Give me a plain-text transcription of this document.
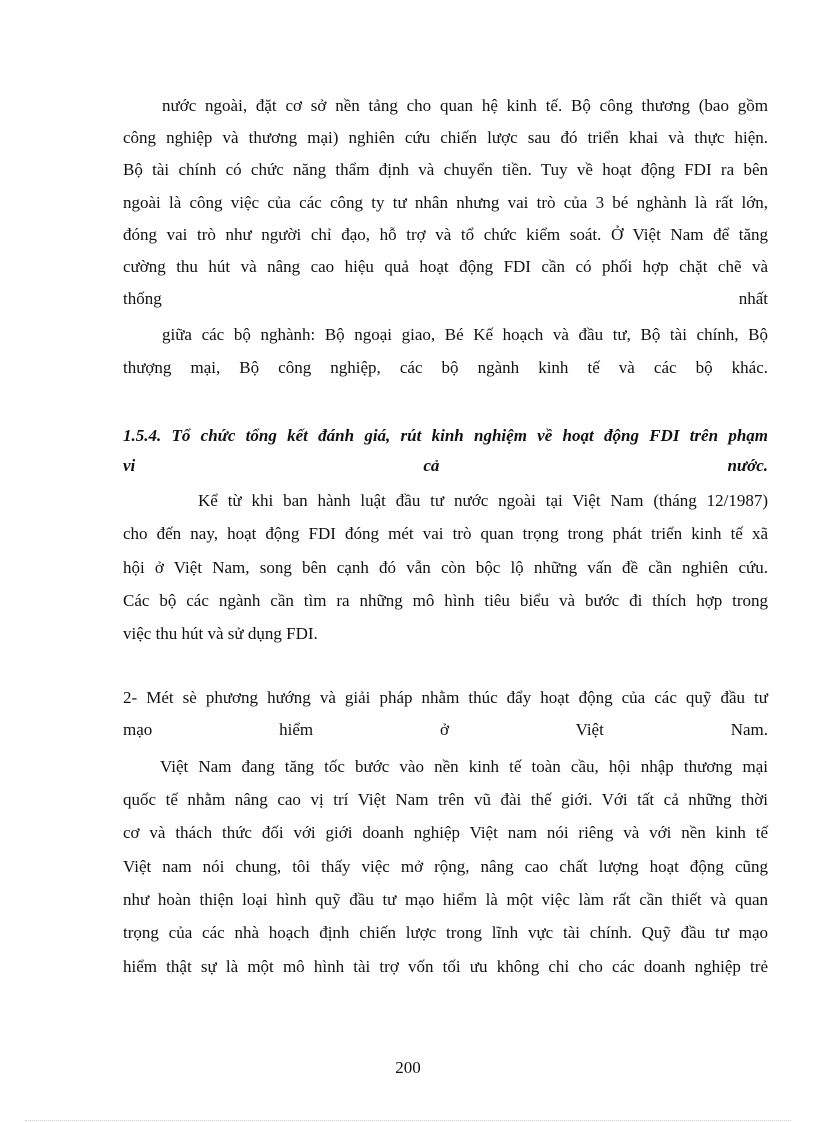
nước ngoài, đặt cơ sở nền tảng cho quan hệ kinh tế. Bộ công thương (bao gồm
công nghiệp và thương mại) nghiên cứu chiến lược sau đó triển khai và thực hiện.
Bộ tài chính có chức năng thẩm định và chuyển tiền. Tuy về hoạt động FDI ra bên
ngoài là công việc của các công ty tư nhân nhưng vai trò của 3 bé nghành là rất lớn,
đóng vai trò như người chỉ đạo, hỗ trợ và tổ chức kiểm soát. Ở Việt Nam để tăng
cường thu hút và nâng cao hiệu quả hoạt động FDI cần có phối hợp chặt chẽ và
thống nhất
giữa các bộ nghành: Bộ ngoại giao, Bé Kế hoạch và đầu tư, Bộ tài chính, Bộ
thượng mại, Bộ công nghiệp, các bộ ngành kinh tế và các bộ khác.
1.5.4. Tổ chức tổng kết đánh giá, rút kinh nghiệm về hoạt động FDI trên phạm
vi cả nước.
Kể từ khi ban hành luật đầu tư nước ngoài tại Việt Nam (tháng 12/1987)
cho đến nay, hoạt động FDI đóng mét vai trò quan trọng trong phát triển kinh tế xã
hội ở Việt Nam, song bên cạnh đó vẫn còn bộc lộ những vấn đề cần nghiên cứu.
Các bộ các ngành cần tìm ra những mô hình tiêu biểu và bước đi thích hợp trong
việc thu hút và sử dụng FDI.
2- Mét sè phương hướng và giải pháp nhằm thúc đẩy hoạt động của các quỹ đầu tư
mạo hiểm ở Việt Nam.
Việt Nam đang tăng tốc bước vào nền kinh tế toàn cầu, hội nhập thương mại
quốc tế nhằm nâng cao vị trí Việt Nam trên vũ đài thế giới. Với tất cả những thời
cơ và thách thức đối với giới doanh nghiệp Việt nam nói riêng và với nền kinh tế
Việt nam nói chung, tôi thấy việc mở rộng, nâng cao chất lượng hoạt động cũng
như hoàn thiện loại hình quỹ đầu tư mạo hiểm là một việc làm rất cần thiết và quan
trọng của các nhà hoạch định chiến lược trong lĩnh vực tài chính. Quỹ đầu tư mạo
hiểm thật sự là một mô hình tài trợ vốn tối ưu không chỉ cho các doanh nghiệp trẻ
200
